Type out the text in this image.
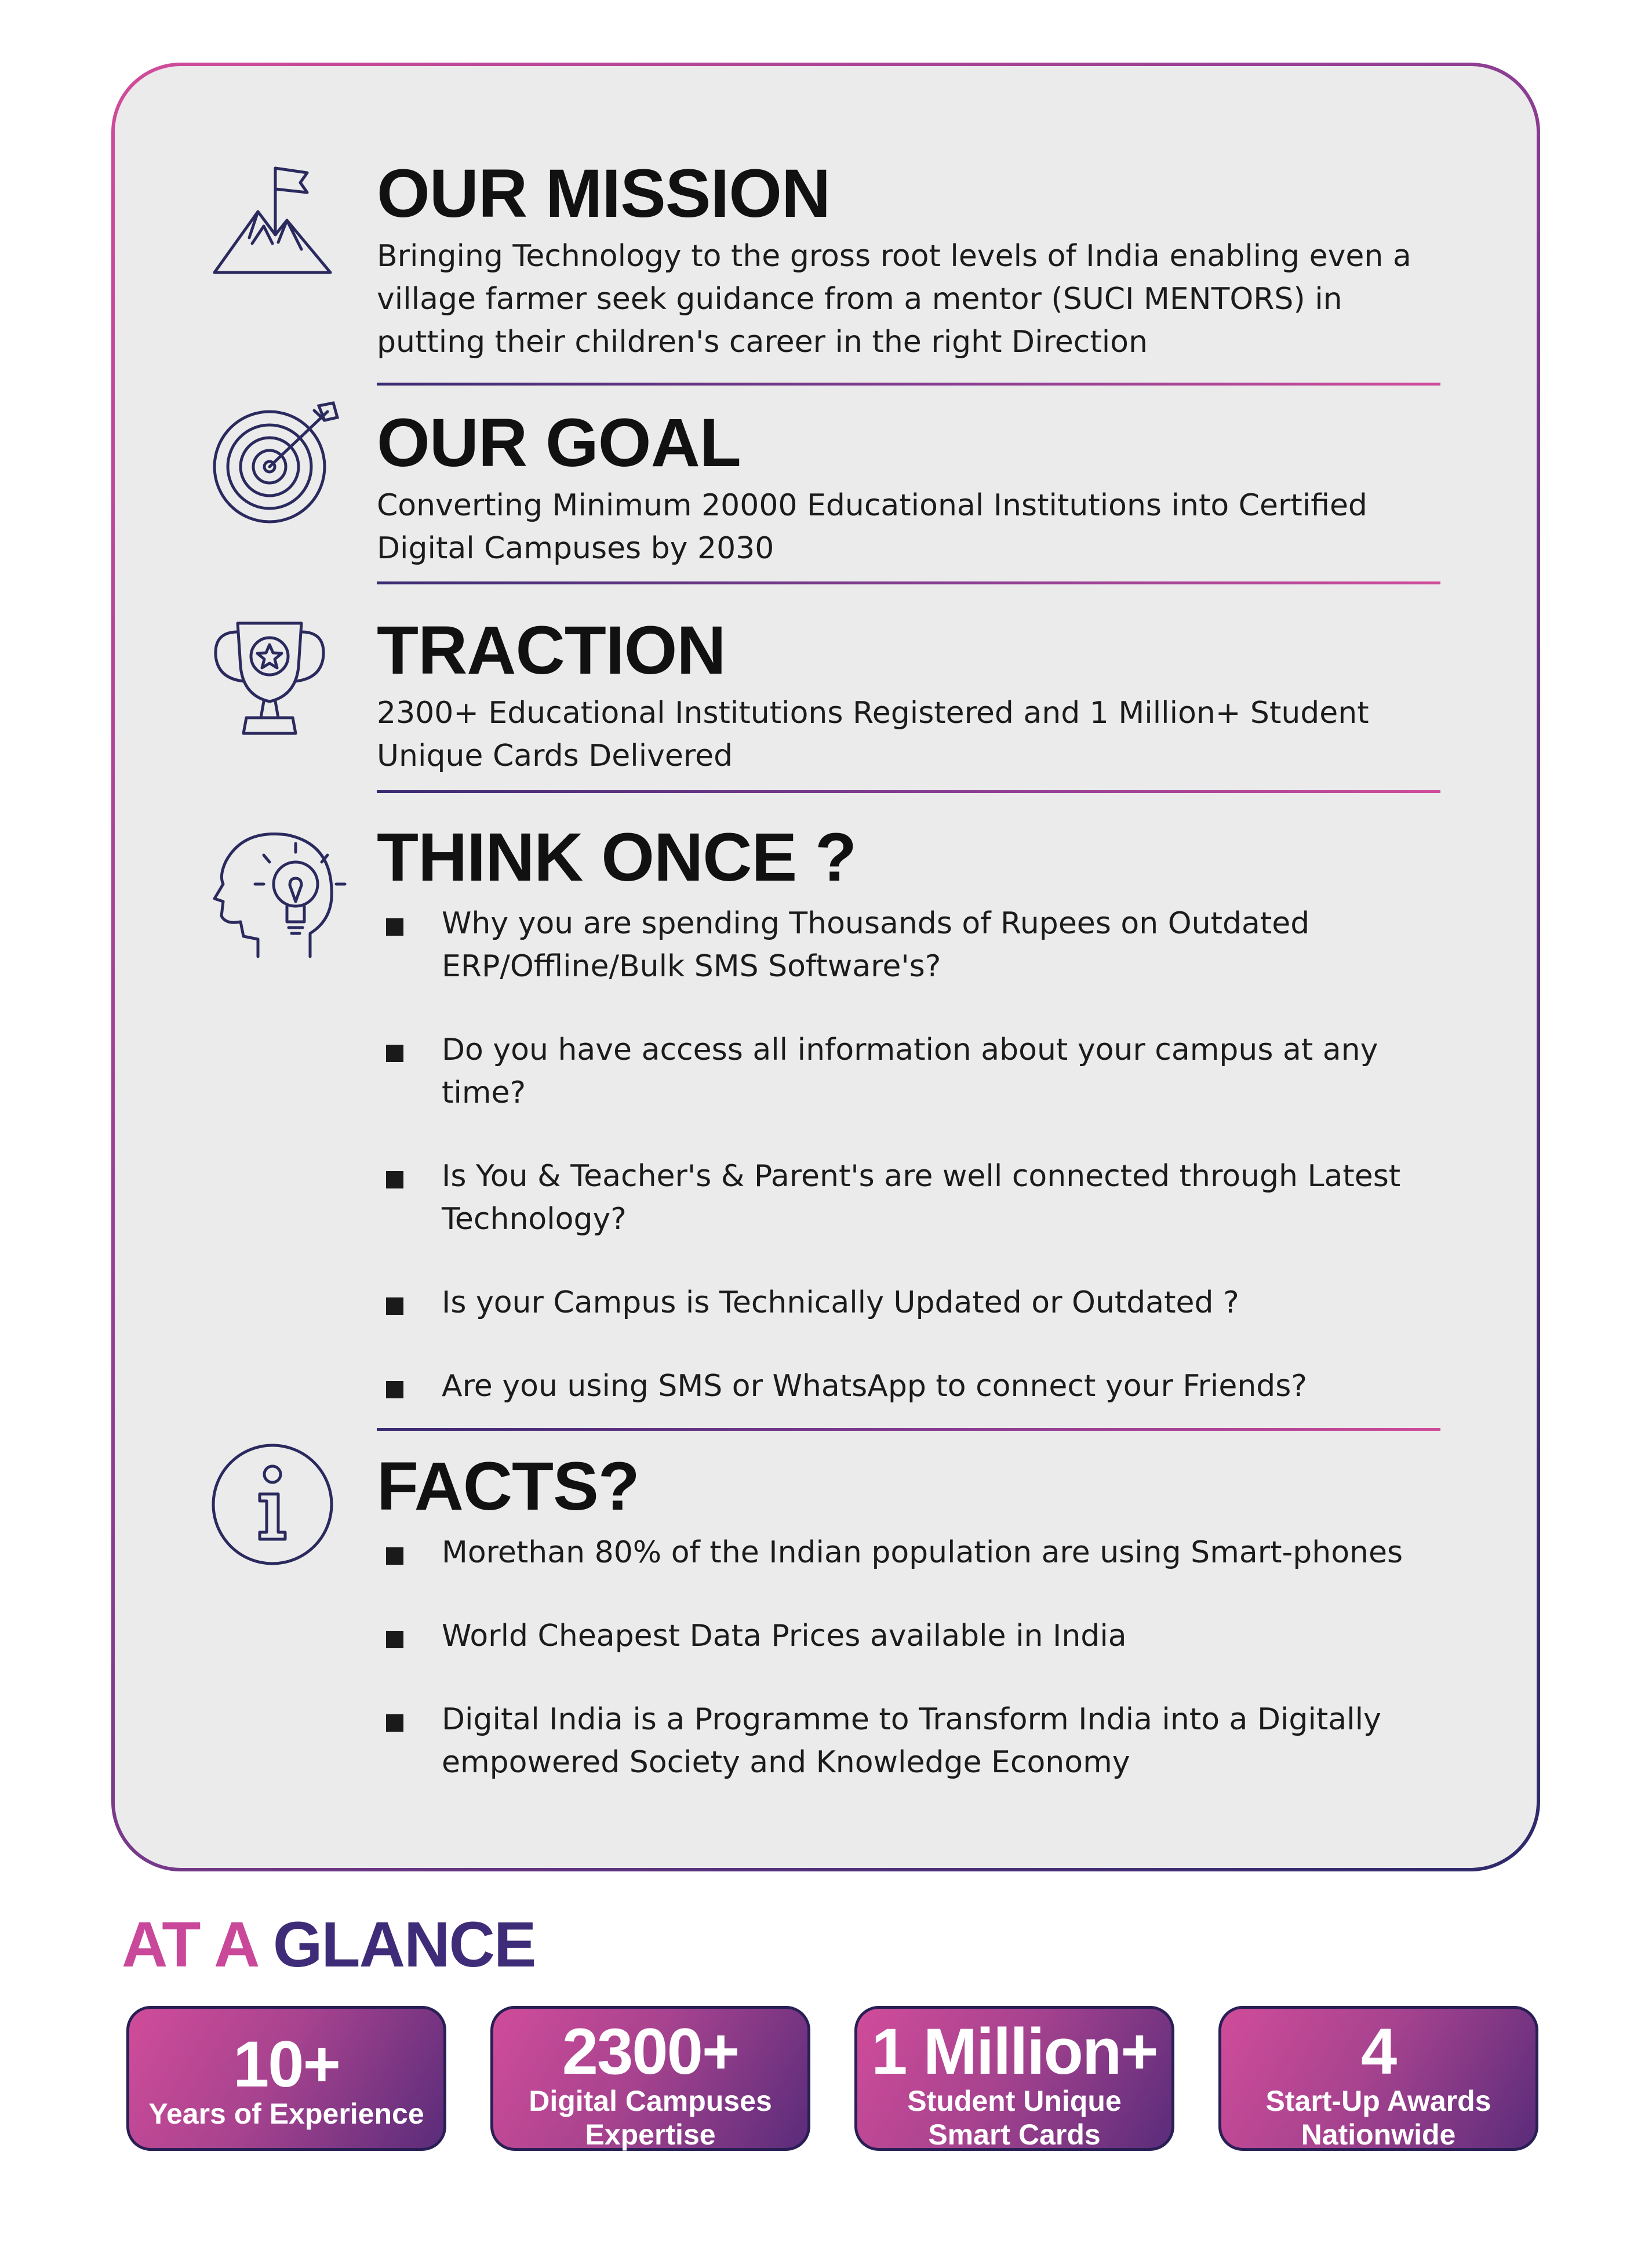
OUR MISSION

Bringing Technology to the gross root levels of India enabling even a village farmer seek guidance from a mentor (SUCI MENTORS) in putting their children's career in the right Direction

OUR GOAL

Converting Minimum 20000 Educational Institutions into Certified Digital Campuses by 2030

TRACTION

2300+ Educational Institutions Registered and 1 Million+ Student Unique Cards Delivered

THINK ONCE ?
Why you are spending Thousands of Rupees on Outdated ERP/Offline/Bulk SMS Software's?
Do you have access all information about your campus at any time?
Is You & Teacher's & Parent's are well connected through Latest Technology?
Is your Campus is Technically Updated or Outdated ?
Are you using SMS or WhatsApp to connect your Friends?
FACTS?
Morethan 80% of the Indian population are using Smart-phones
World Cheapest Data Prices available in India
Digital India is a Programme to Transform India into a Digitally empowered Society and Knowledge Economy
AT A GLANCE
10+
Years of Experience
2300+
Digital Campuses
Expertise
1 Million+
Student Unique
Smart Cards
4
Start-Up Awards
Nationwide
